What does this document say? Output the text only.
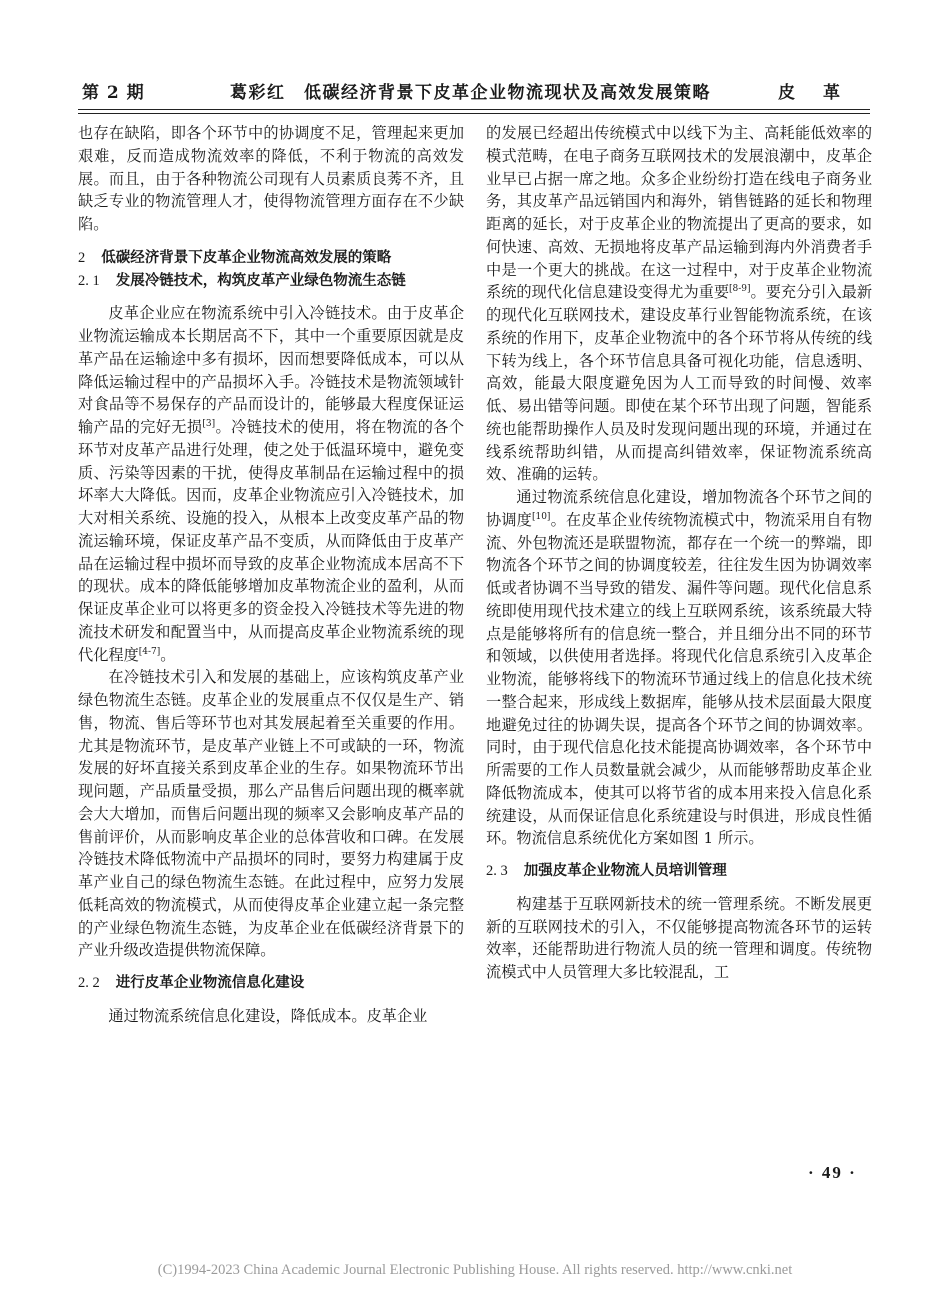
第 2 期	葛彩红　低碳经济背景下皮革企业物流现状及高效发展策略	皮革

也存在缺陷，即各个环节中的协调度不足，管理起来更加艰难，反而造成物流效率的降低，不利于物流的高效发展。而且，由于各种物流公司现有人员素质良莠不齐，且缺乏专业的物流管理人才，使得物流管理方面存在不少缺陷。

2 低碳经济背景下皮革企业物流高效发展的策略

2. 1 发展冷链技术，构筑皮革产业绿色物流生态链

皮革企业应在物流系统中引入冷链技术。由于皮革企业物流运输成本长期居高不下，其中一个重要原因就是皮革产品在运输途中多有损坏，因而想要降低成本，可以从降低运输过程中的产品损坏入手。冷链技术是物流领域针对食品等不易保存的产品而设计的，能够最大程度保证运输产品的完好无损[3]。冷链技术的使用，将在物流的各个环节对皮革产品进行处理，使之处于低温环境中，避免变质、污染等因素的干扰，使得皮革制品在运输过程中的损坏率大大降低。因而，皮革企业物流应引入冷链技术，加大对相关系统、设施的投入，从根本上改变皮革产品的物流运输环境，保证皮革产品不变质，从而降低由于皮革产品在运输过程中损坏而导致的皮革企业物流成本居高不下的现状。成本的降低能够增加皮革物流企业的盈利，从而保证皮革企业可以将更多的资金投入冷链技术等先进的物流技术研发和配置当中，从而提高皮革企业物流系统的现代化程度[4-7]。

在冷链技术引入和发展的基础上，应该构筑皮革产业绿色物流生态链。皮革企业的发展重点不仅仅是生产、销售，物流、售后等环节也对其发展起着至关重要的作用。尤其是物流环节，是皮革产业链上不可或缺的一环，物流发展的好坏直接关系到皮革企业的生存。如果物流环节出现问题，产品质量受损，那么产品售后问题出现的概率就会大大增加，而售后问题出现的频率又会影响皮革产品的售前评价，从而影响皮革企业的总体营收和口碑。在发展冷链技术降低物流中产品损坏的同时，要努力构建属于皮革产业自己的绿色物流生态链。在此过程中，应努力发展低耗高效的物流模式，从而使得皮革企业建立起一条完整的产业绿色物流生态链，为皮革企业在低碳经济背景下的产业升级改造提供物流保障。

2. 2 进行皮革企业物流信息化建设

通过物流系统信息化建设，降低成本。皮革企业

的发展已经超出传统模式中以线下为主、高耗能低效率的模式范畴，在电子商务互联网技术的发展浪潮中，皮革企业早已占据一席之地。众多企业纷纷打造在线电子商务业务，其皮革产品远销国内和海外，销售链路的延长和物理距离的延长，对于皮革企业的物流提出了更高的要求，如何快速、高效、无损地将皮革产品运输到海内外消费者手中是一个更大的挑战。在这一过程中，对于皮革企业物流系统的现代化信息建设变得尤为重要[8-9]。要充分引入最新的现代化互联网技术，建设皮革行业智能物流系统，在该系统的作用下，皮革企业物流中的各个环节将从传统的线下转为线上，各个环节信息具备可视化功能，信息透明、高效，能最大限度避免因为人工而导致的时间慢、效率低、易出错等问题。即使在某个环节出现了问题，智能系统也能帮助操作人员及时发现问题出现的环境，并通过在线系统帮助纠错，从而提高纠错效率，保证物流系统高效、准确的运转。

通过物流系统信息化建设，增加物流各个环节之间的协调度[10]。在皮革企业传统物流模式中，物流采用自有物流、外包物流还是联盟物流，都存在一个统一的弊端，即物流各个环节之间的协调度较差，往往发生因为协调效率低或者协调不当导致的错发、漏件等问题。现代化信息系统即使用现代技术建立的线上互联网系统，该系统最大特点是能够将所有的信息统一整合，并且细分出不同的环节和领域，以供使用者选择。将现代化信息系统引入皮革企业物流，能够将线下的物流环节通过线上的信息化技术统一整合起来，形成线上数据库，能够从技术层面最大限度地避免过往的协调失误，提高各个环节之间的协调效率。同时，由于现代信息化技术能提高协调效率，各个环节中所需要的工作人员数量就会减少，从而能够帮助皮革企业降低物流成本，使其可以将节省的成本用来投入信息化系统建设，从而保证信息化系统建设与时俱进，形成良性循环。物流信息系统优化方案如图 1 所示。

2. 3 加强皮革企业物流人员培训管理

构建基于互联网新技术的统一管理系统。不断发展更新的互联网技术的引入，不仅能够提高物流各环节的运转效率，还能帮助进行物流人员的统一管理和调度。传统物流模式中人员管理大多比较混乱，工

· 49 ·
(C)1994-2023 China Academic Journal Electronic Publishing House. All rights reserved. http://www.cnki.net
